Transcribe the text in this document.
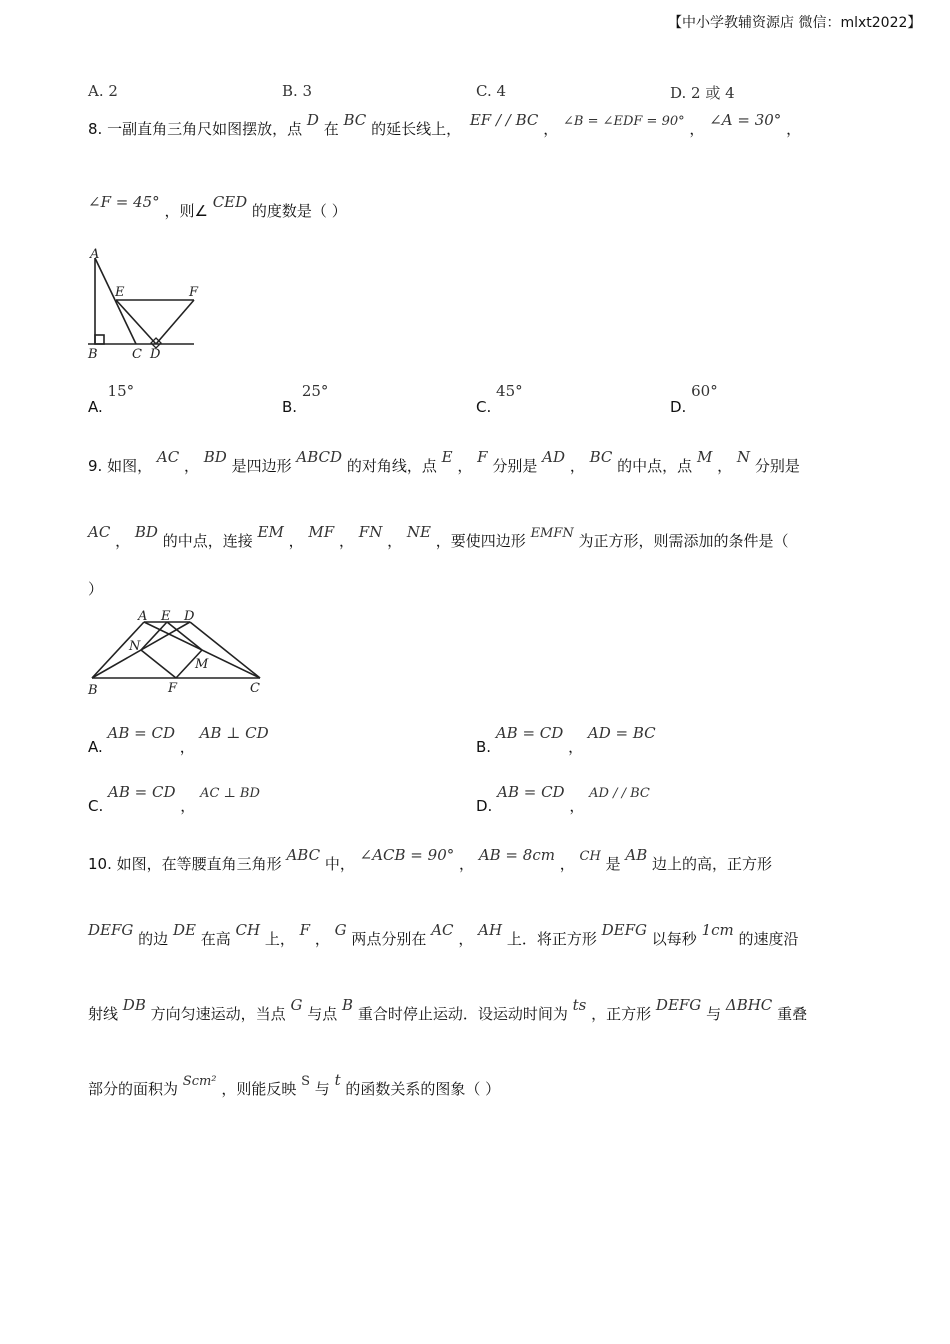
【中小学教辅资源店 微信：mlxt2022】
A. 2	B. 3	C. 4	D. 2 或 4
8. 一副直角三角尺如图摆放，点 D 在 BC 的延长线上， EF / / BC ， ∠B = ∠EDF = 90° ， ∠A = 30° ，
∠F = 45° ，则∠ CED 的度数是（ ）
A
E	F
B	C D
A. 15°
B. 25°
C. 45°
D. 60°
9. 如图， AC ， BD 是四边形 ABCD 的对角线，点 E ， F 分别是 AD ， BC 的中点，点 M ， N 分别是
AC ， BD 的中点，连接 EM ， MF ， FN ， NE ，要使四边形 EMFN 为正方形，则需添加的条件是（
）
A E D
N
M
B	F	C
A. AB = CD ， AB ⊥ CD
B. AB = CD ， AD = BC
C. AB = CD ， AC ⊥ BD
D. AB = CD ， AD / / BC
10. 如图，在等腰直角三角形 ABC 中， ∠ACB = 90° ， AB = 8cm ， CH 是 AB 边上的高，正方形
DEFG 的边 DE 在高 CH 上， F ， G 两点分别在 AC ， AH 上．将正方形 DEFG 以每秒 1cm 的速度沿
射线 DB 方向匀速运动，当点 G 与点 B 重合时停止运动．设运动时间为 ts ，正方形 DEFG 与 ΔBHC 重叠
部分的面积为 Scm² ，则能反映 S 与 t 的函数关系的图象（ ）
